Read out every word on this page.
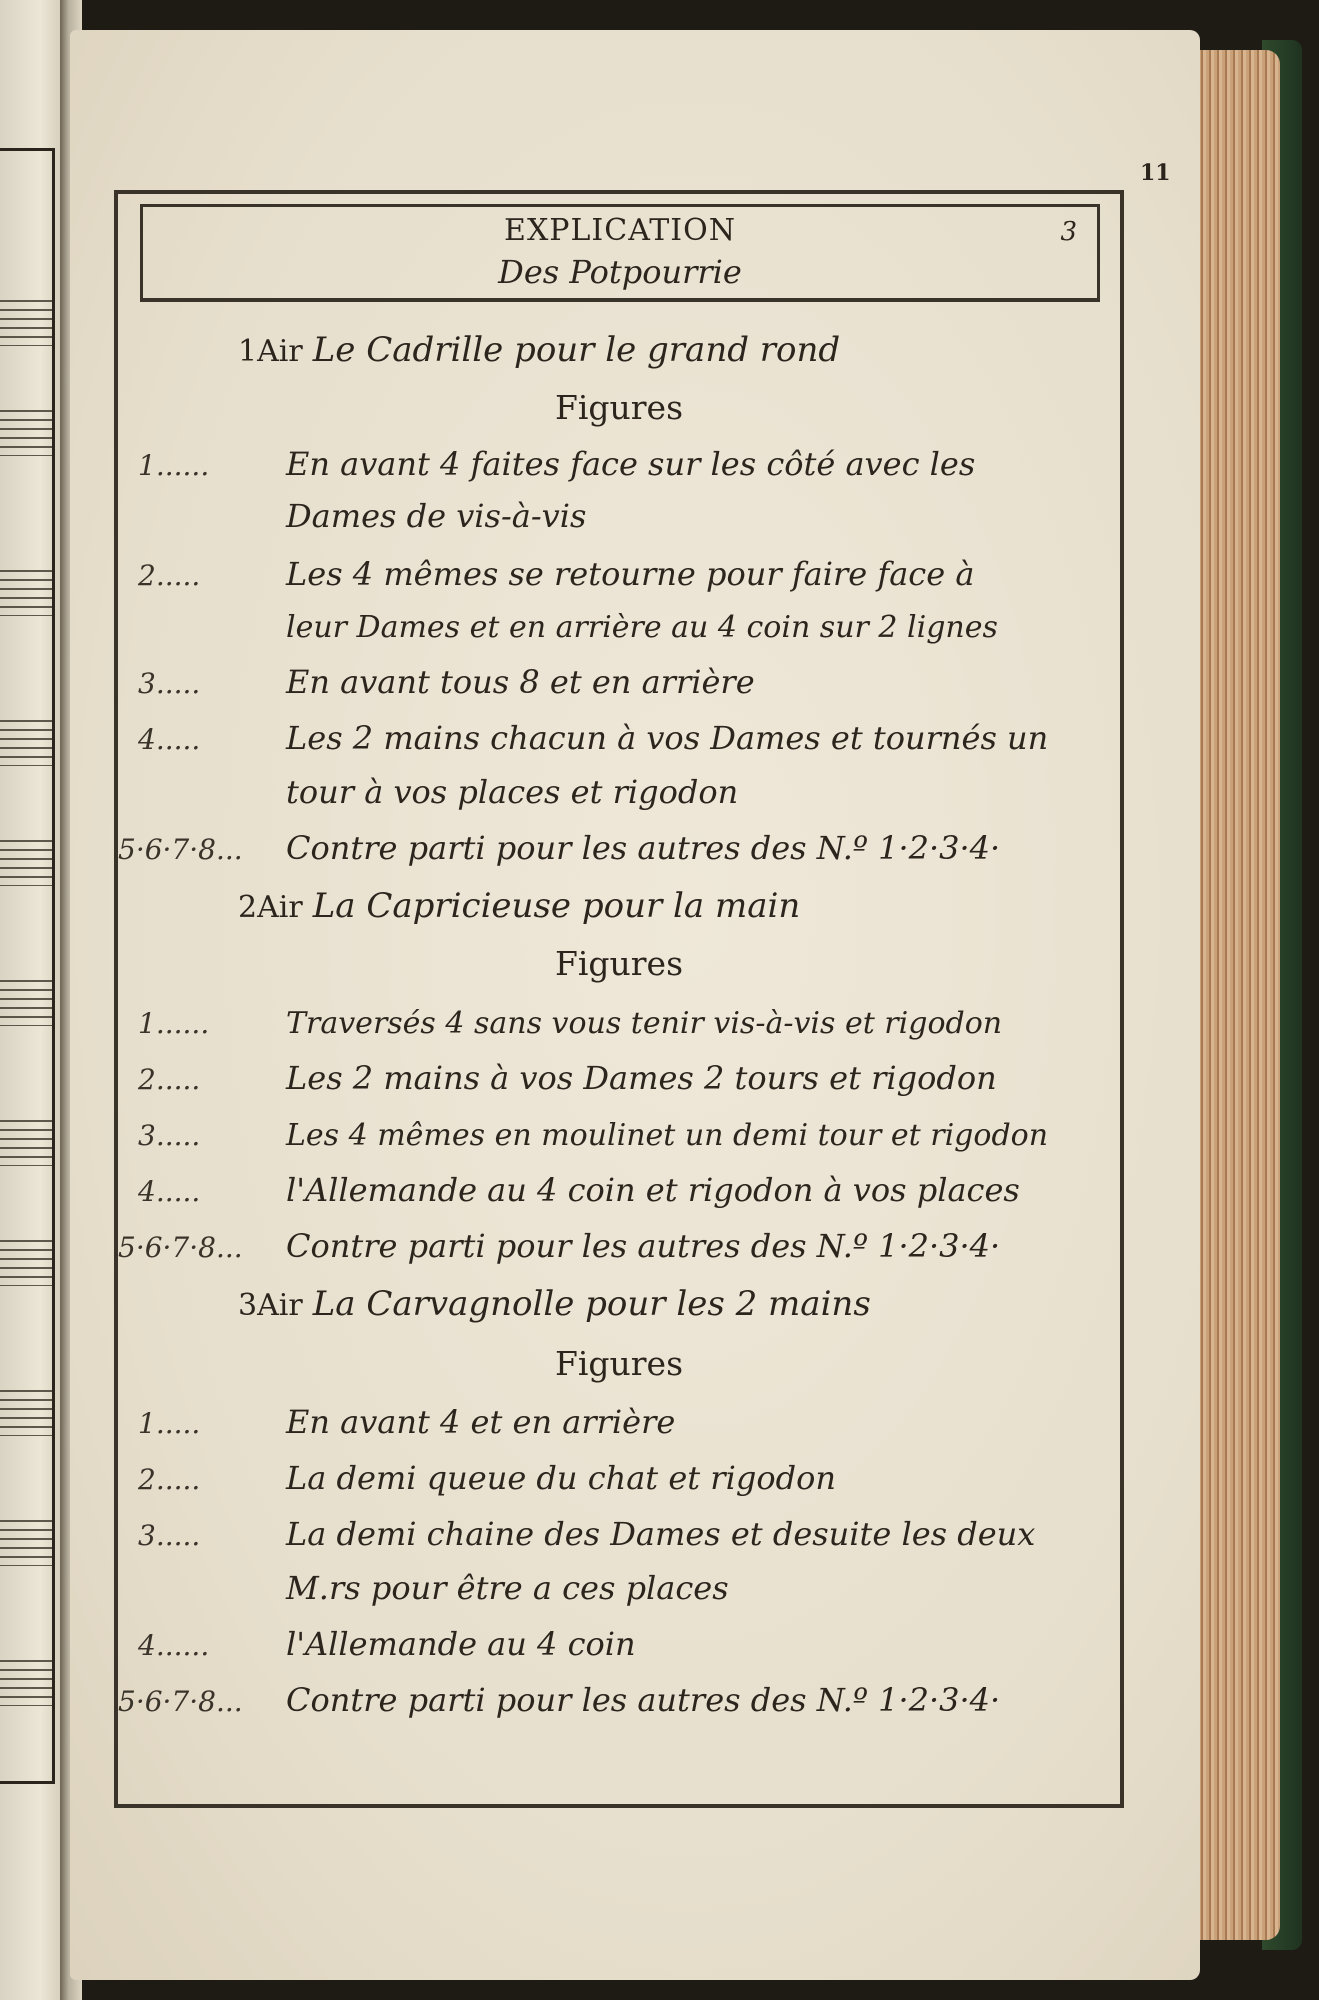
11
EXPLICATION
Des Potpourrie
3
1Air Le Cadrille pour le grand rond
Figures
1...... En avant 4 faites face sur les côté avec les
Dames de vis-à-vis
2.....	Les 4 mêmes se retourne pour faire face à
leur Dames et en arrière au 4 coin sur 2 lignes
3.....	En avant tous 8 et en arrière
4.....	Les 2 mains chacun à vos Dames et tournés un
tour à vos places et rigodon
5·6·7·8... Contre parti pour les autres des N.º 1·2·3·4·
2Air La Capricieuse pour la main
Figures
1......	Traversés 4 sans vous tenir vis-à-vis et rigodon
2.....	Les 2 mains à vos Dames 2 tours et rigodon
3.....	Les 4 mêmes en moulinet un demi tour et rigodon
4.....	l'Allemande au 4 coin et rigodon à vos places
5·6·7·8... Contre parti pour les autres des N.º 1·2·3·4·
3Air La Carvagnolle pour les 2 mains
Figures
1.....	En avant 4 et en arrière
2.....	La demi queue du chat et rigodon
3.....	La demi chaine des Dames et desuite les deux
M.rs pour être a ces places
4...... l'Allemande au 4 coin
5·6·7·8... Contre parti pour les autres des N.º 1·2·3·4·
